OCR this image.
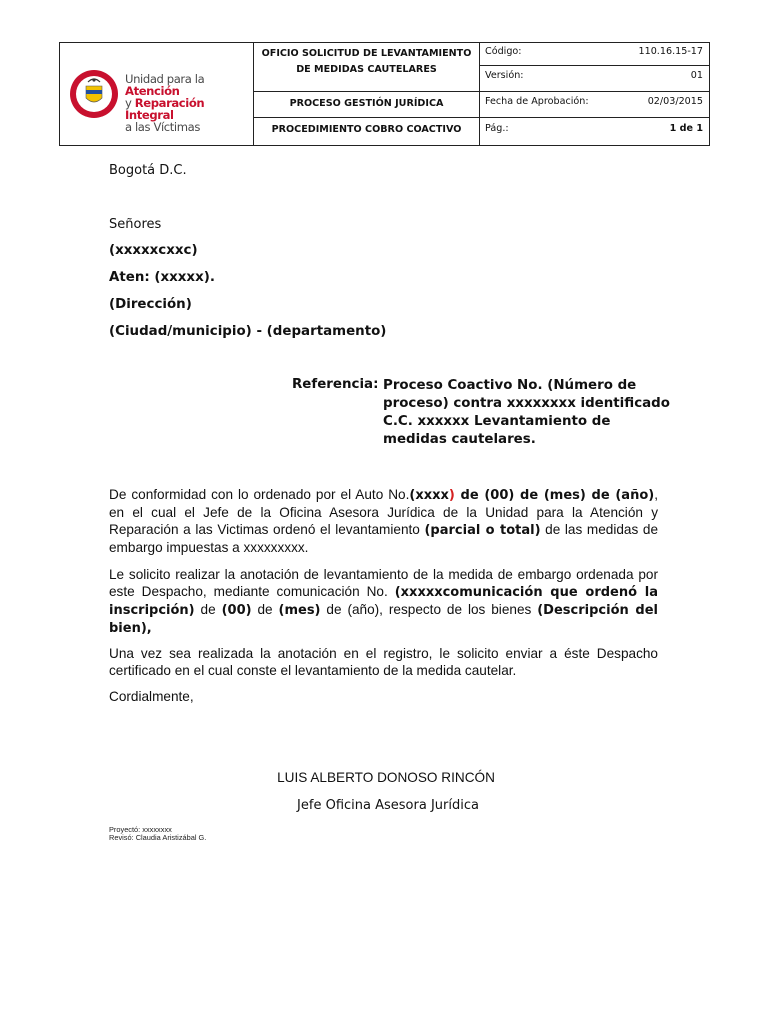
Unidad para la Atención
y Reparación Integral
a las Víctimas
OFICIO SOLICITUD DE LEVANTAMIENTO
DE MEDIDAS CAUTELARES
PROCESO GESTIÓN JURÍDICA
PROCEDIMIENTO COBRO COACTIVO
Código:	110.16.15-17
Versión:	01
Fecha de Aprobación:	02/03/2015
Pág.:	1 de 1
Bogotá D.C.
Señores
(xxxxxcxxc)
Aten: (xxxxx).
(Dirección)
(Ciudad/municipio) - (departamento)
Referencia: Proceso Coactivo No. (Número de
proceso) contra xxxxxxxx identificado
C.C. xxxxxx Levantamiento de
medidas cautelares.
De conformidad con lo ordenado por el Auto No.(xxxx) de (00) de (mes) de (año), en el cual el Jefe de la Oficina Asesora Jurídica de la Unidad para la Atención y Reparación a las Victimas ordenó el levantamiento (parcial o total) de las medidas de embargo impuestas a xxxxxxxxx.
Le solicito realizar la anotación de levantamiento de la medida de embargo ordenada por este Despacho, mediante comunicación No. (xxxxxcomunicación que ordenó la inscripción) de (00) de (mes) de (año), respecto de los bienes (Descripción del bien),
Una vez sea realizada la anotación en el registro, le solicito enviar a éste Despacho certificado en el cual conste el levantamiento de la medida cautelar.
Cordialmente,
LUIS ALBERTO DONOSO RINCÓN
Jefe Oficina Asesora Jurídica
Proyectó: xxxxxxxx
Revisó: Claudia Aristizábal G.
